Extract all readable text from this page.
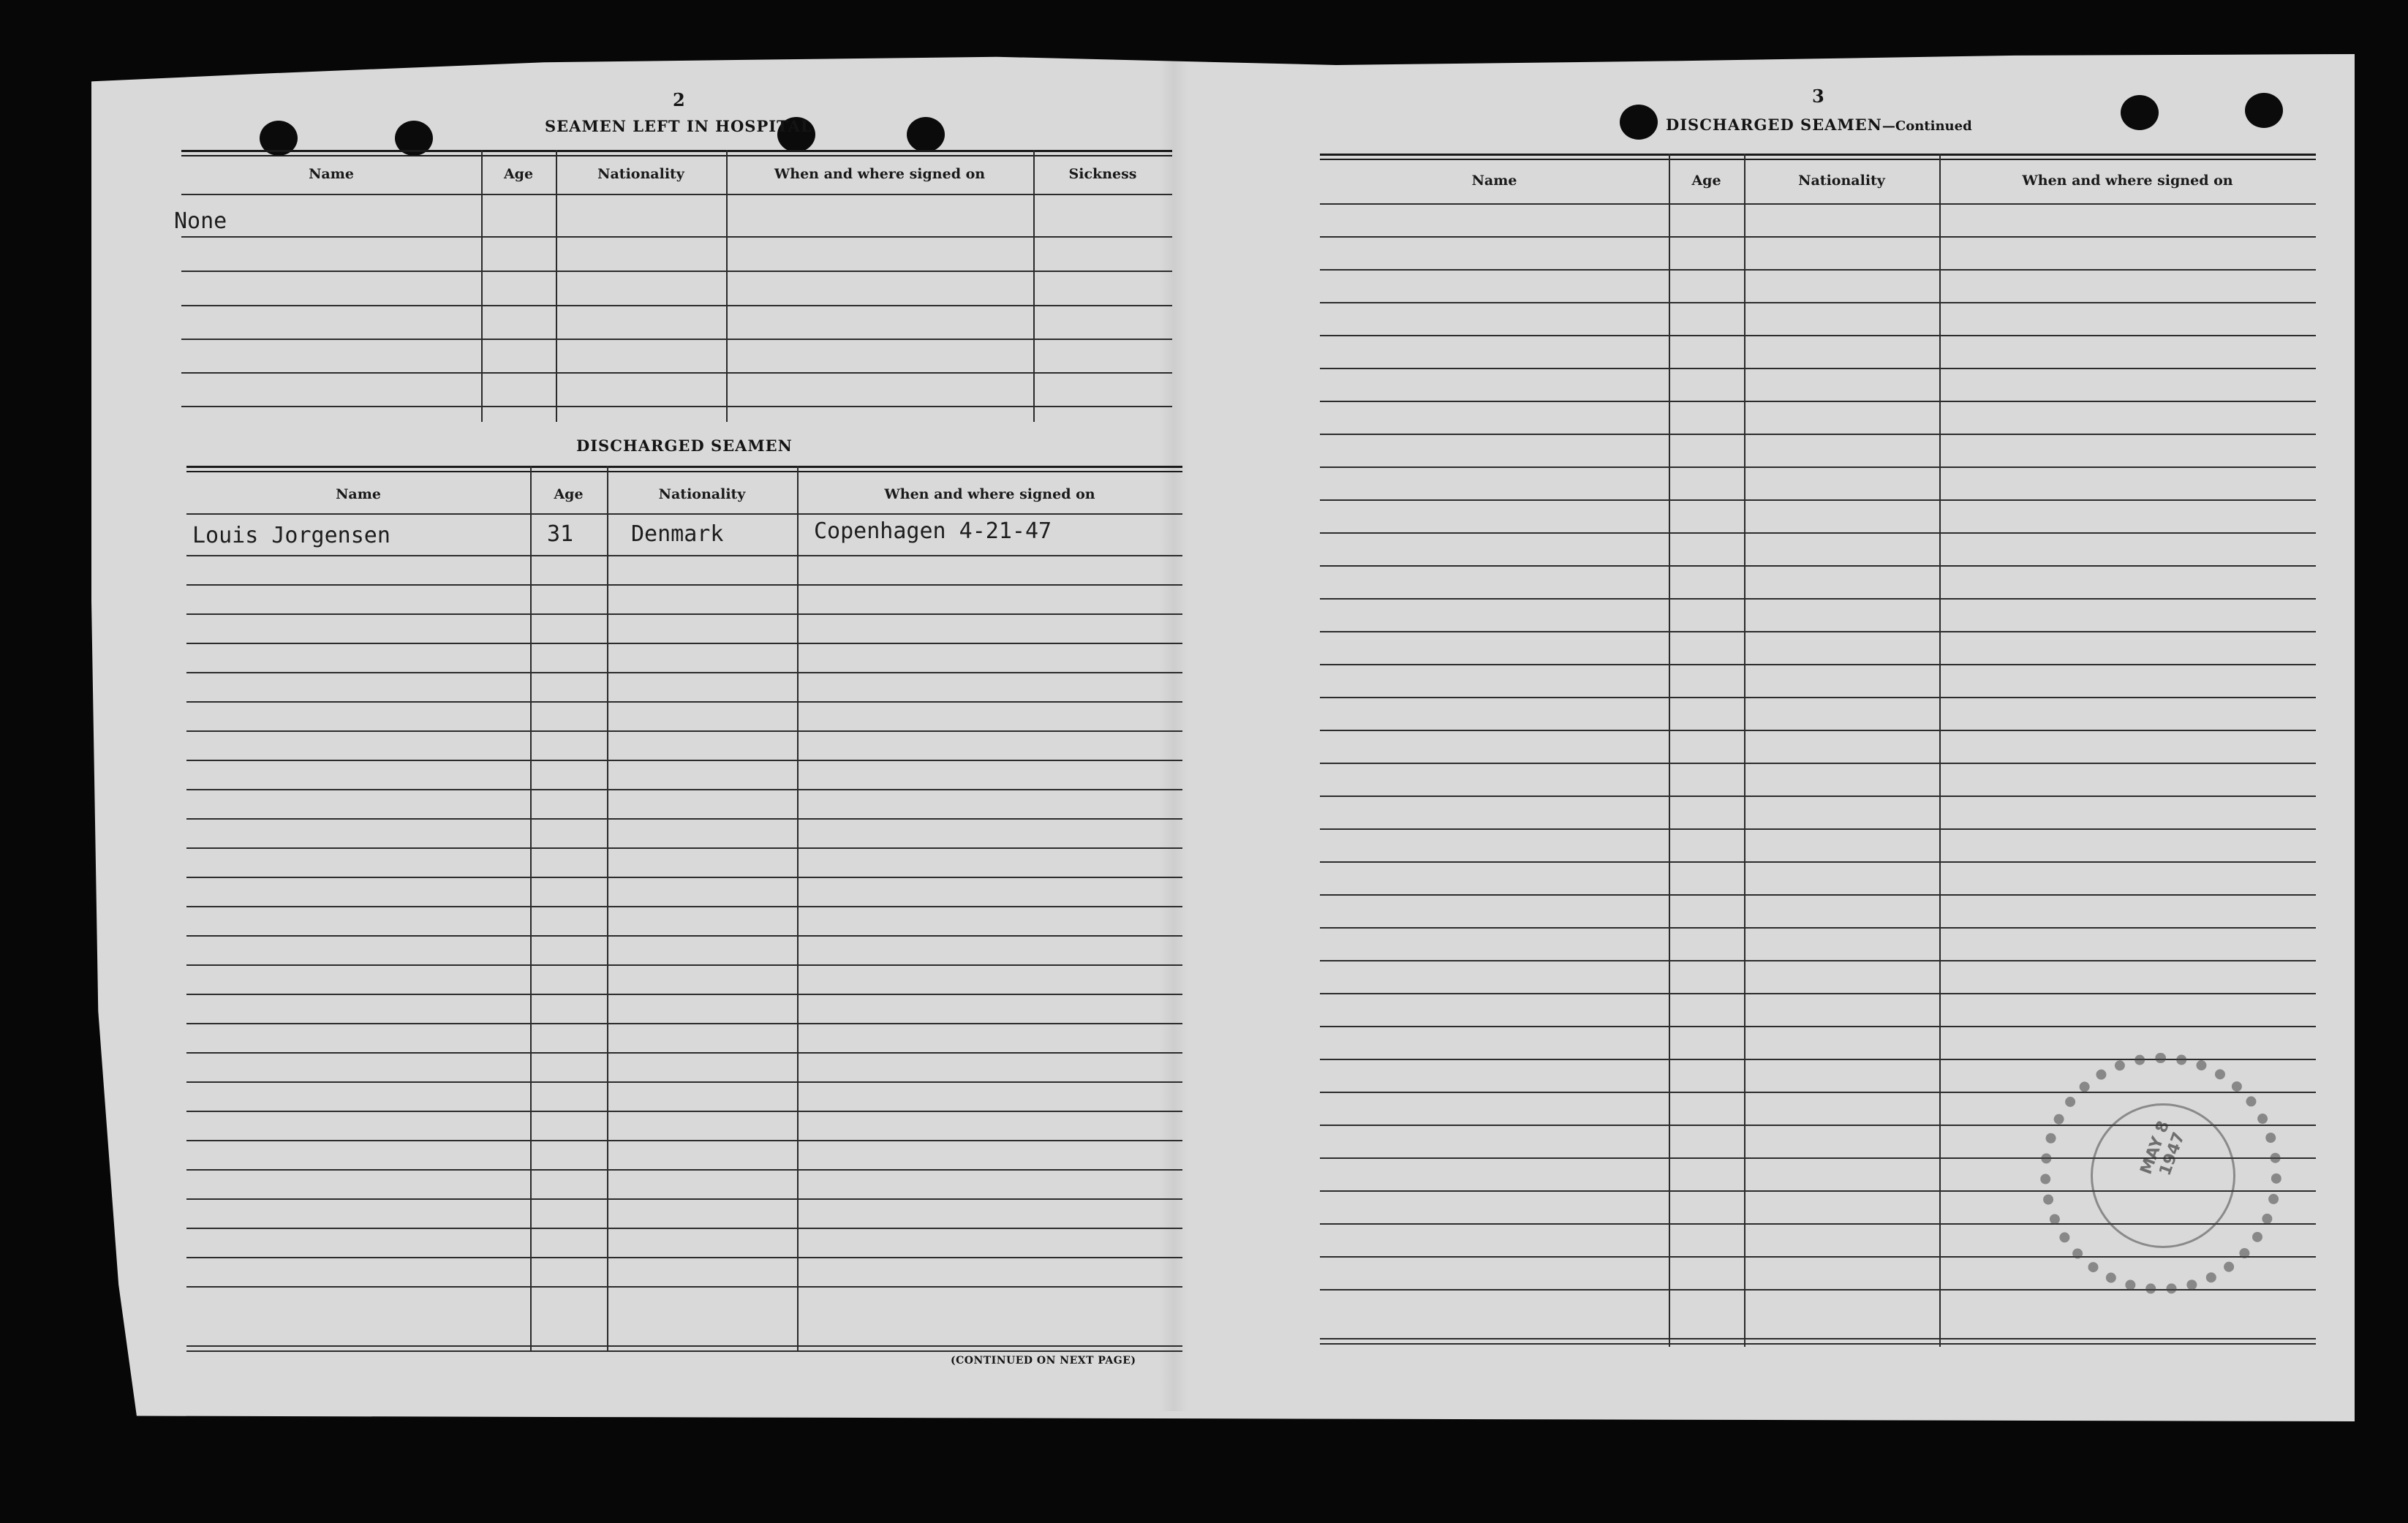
2
SEAMEN LEFT IN HOSPITAL
Name	Age	Nationality	When and where signed on	Sickness
None
DISCHARGED SEAMEN
Name	Age	Nationality	When and where signed on
Louis Jorgensen	31	Denmark	Copenhagen 4-21-47
(CONTINUED ON NEXT PAGE)
3
DISCHARGED SEAMEN—Continued
Name	Age	Nationality	When and where signed on
MAY 8 1947
